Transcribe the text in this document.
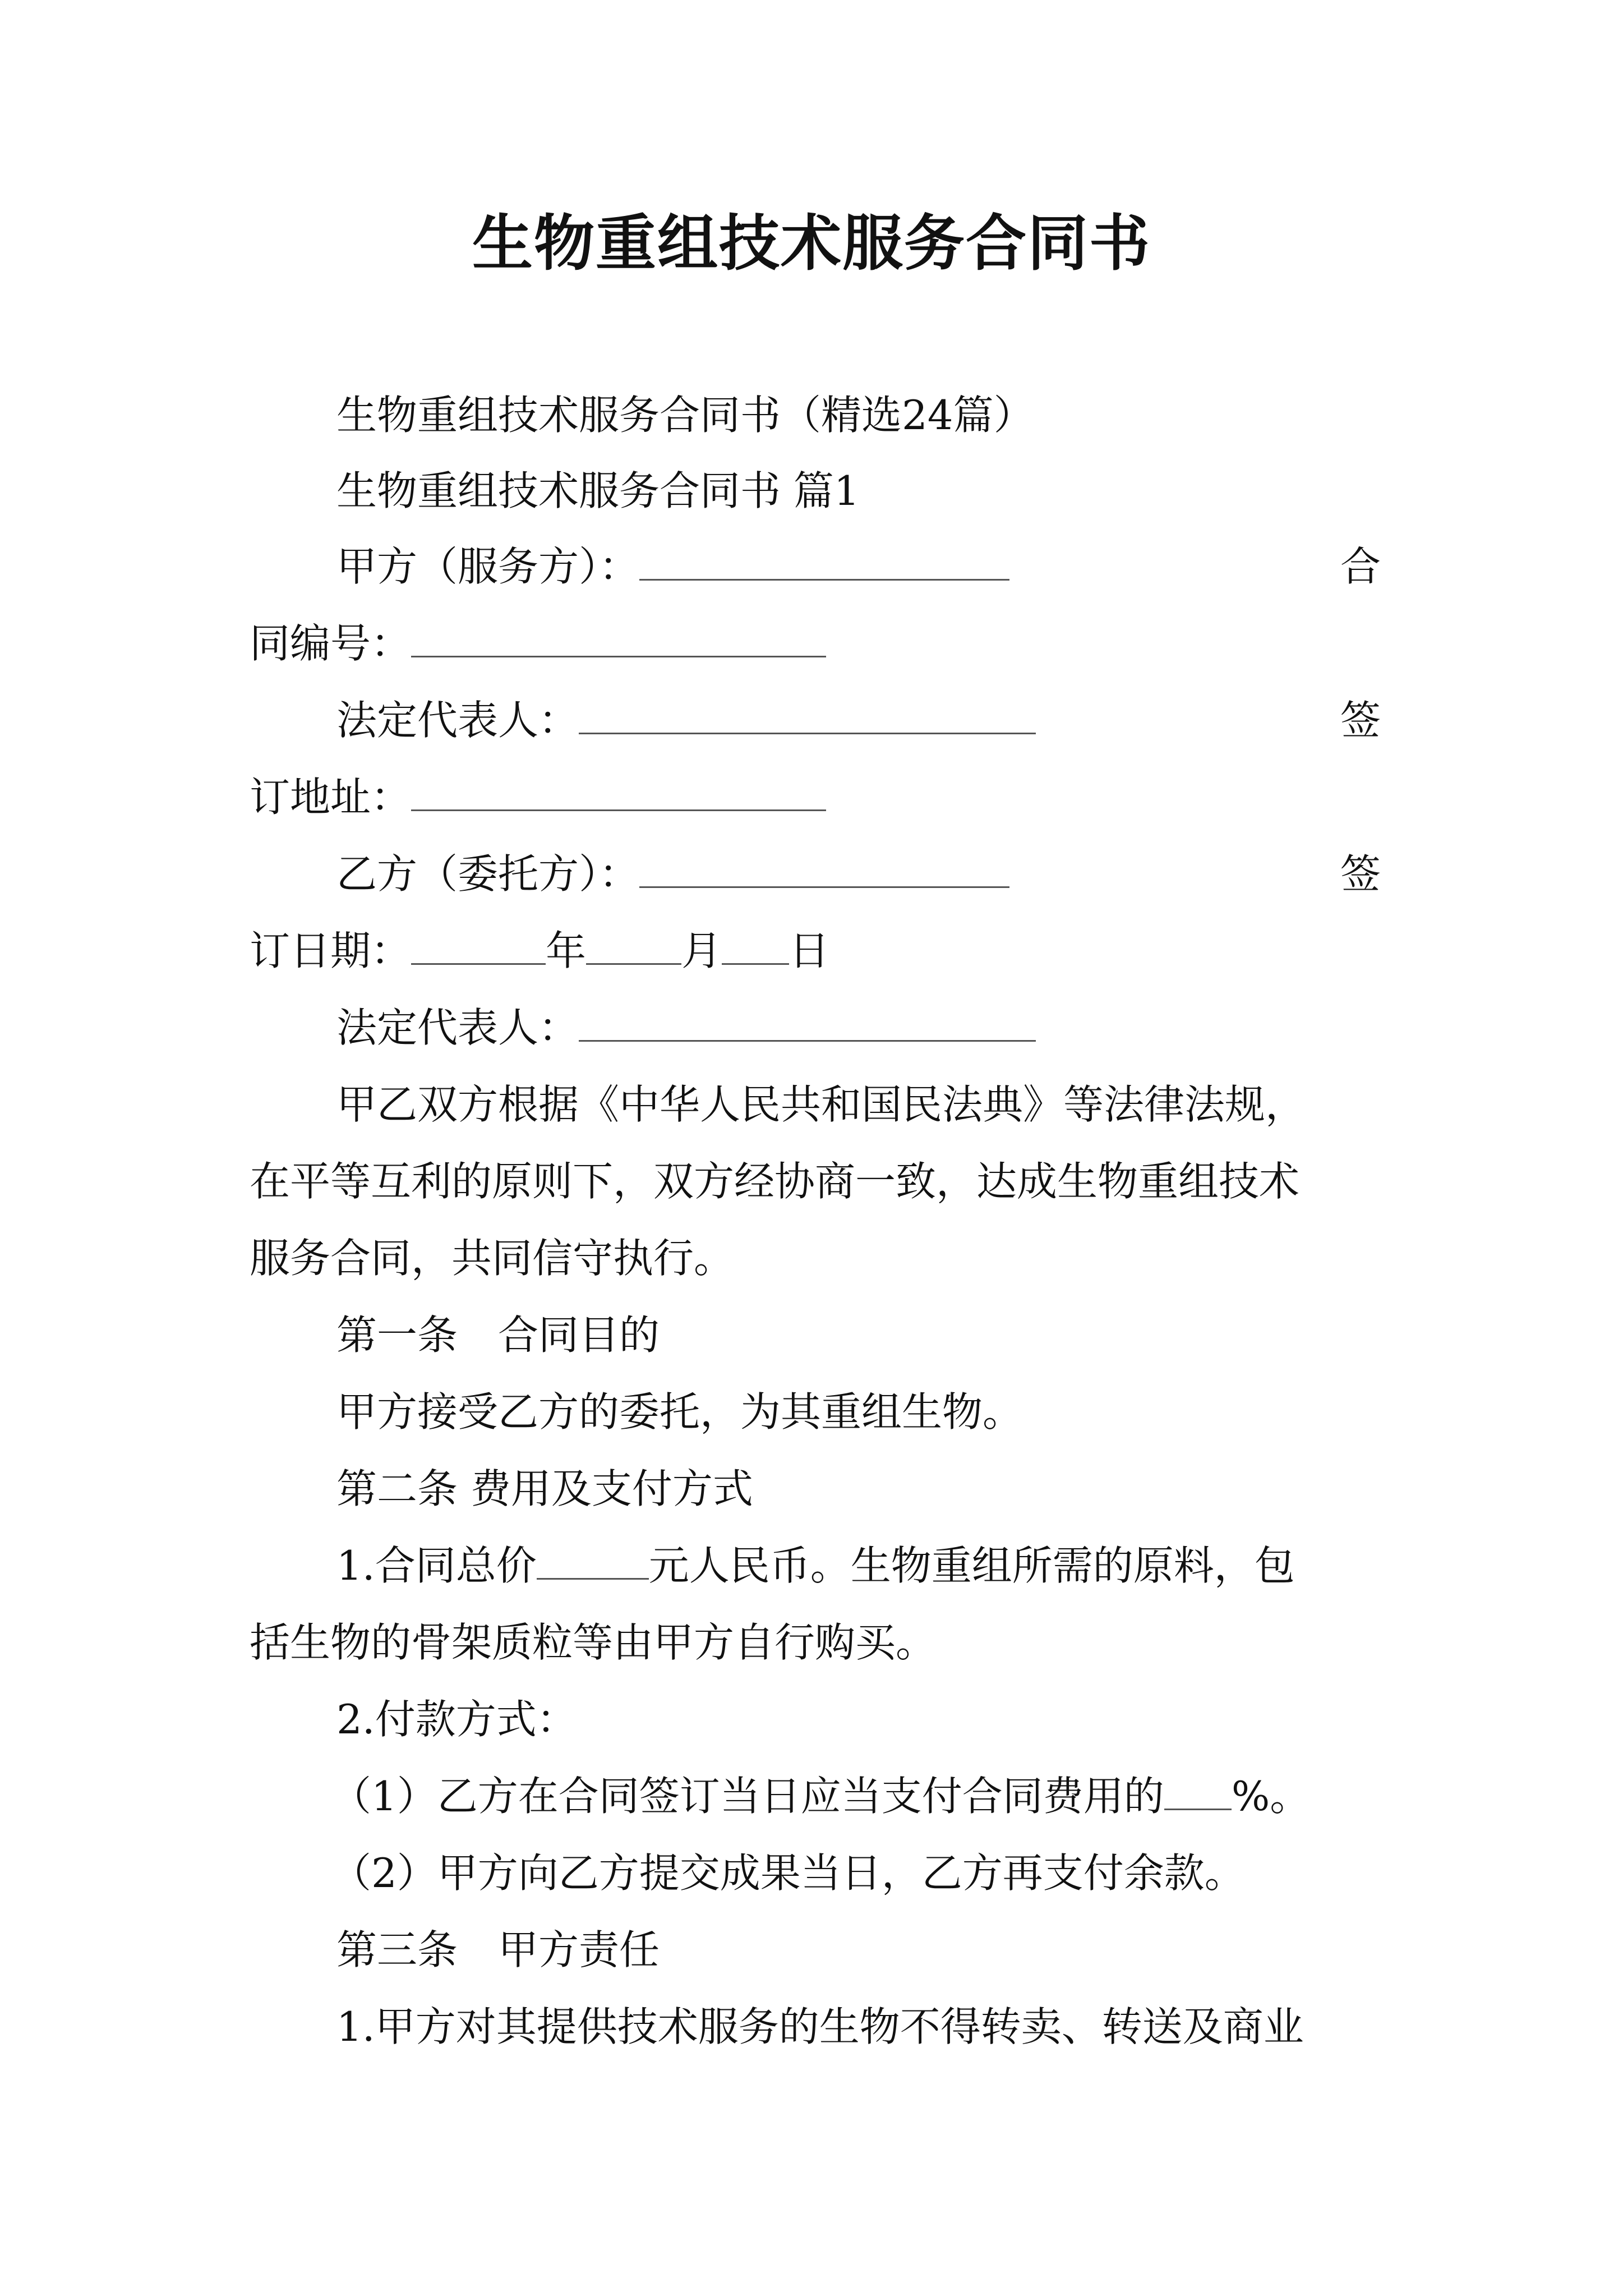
生物重组技术服务合同书
生物重组技术服务合同书（精选24篇）
生物重组技术服务合同书 篇1
甲方（服务方）：	合
同编号：
法定代表人：	签
订地址：
乙方（委托方）：	签
订日期：	年 月 日
法定代表人：
甲乙双方根据《中华人民共和国民法典》等法律法规，
在平等互利的原则下，双方经协商一致，达成生物重组技术
服务合同，共同信守执行。
第一条　合同目的
甲方接受乙方的委托，为其重组生物。
第二条 费用及支付方式
1.合同总价	元人民币。生物重组所需的原料，包
括生物的骨架质粒等由甲方自行购买。
2.付款方式：
（1）乙方在合同签订当日应当支付合同费用的 %。
（2）甲方向乙方提交成果当日，乙方再支付余款。
第三条　甲方责任
1.甲方对其提供技术服务的生物不得转卖、转送及商业
